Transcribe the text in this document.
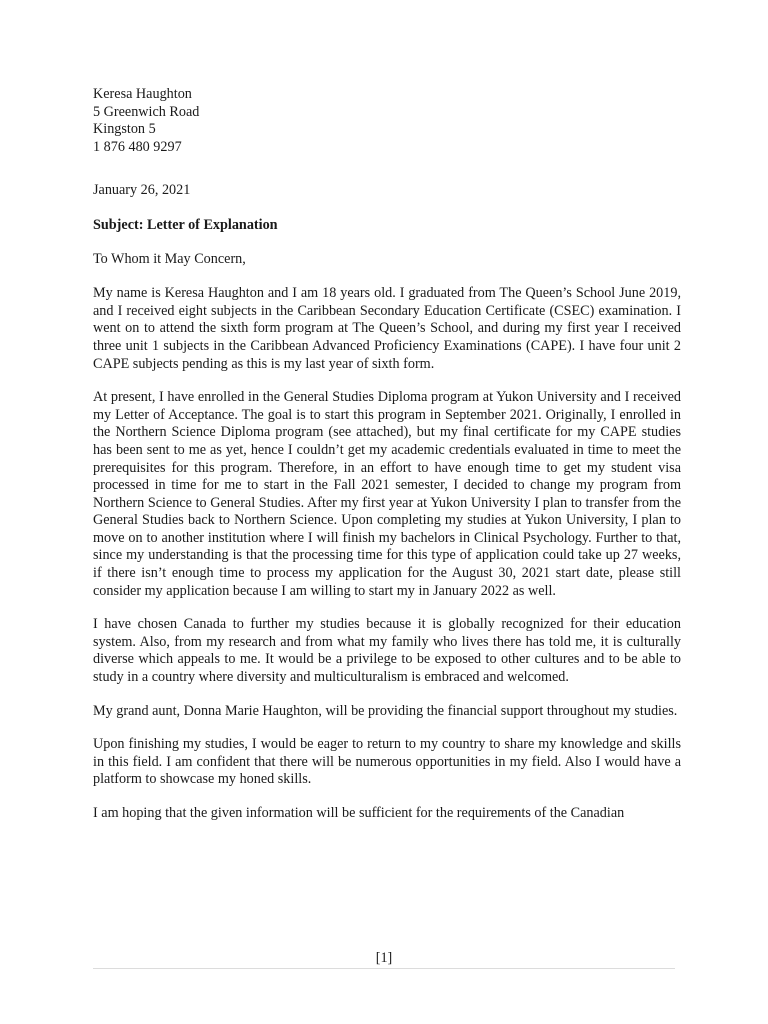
Keresa Haughton

5 Greenwich Road

Kingston 5

1 876 480 9297

January 26, 2021

Subject: Letter of Explanation

To Whom it May Concern,

My name is Keresa Haughton and I am 18 years old. I graduated from The Queen’s School June 2019, and I received eight subjects in the Caribbean Secondary Education Certificate (CSEC) examination. I went on to attend the sixth form program at The Queen’s School, and during my first year I received three unit 1 subjects in the Caribbean Advanced Proficiency Examinations (CAPE). I have four unit 2 CAPE subjects pending as this is my last year of sixth form.

At present, I have enrolled in the General Studies Diploma program at Yukon University and I received my Letter of Acceptance. The goal is to start this program in September 2021. Originally, I enrolled in the Northern Science Diploma program (see attached), but my final certificate for my CAPE studies has been sent to me as yet, hence I couldn’t get my academic credentials evaluated in time to meet the prerequisites for this program. Therefore, in an effort to have enough time to get my student visa processed in time for me to start in the Fall 2021 semester, I decided to change my program from Northern Science to General Studies. After my first year at Yukon University I plan to transfer from the General Studies back to Northern Science. Upon completing my studies at Yukon University, I plan to move on to another institution where I will finish my bachelors in Clinical Psychology. Further to that, since my understanding is that the processing time for this type of application could take up 27 weeks, if there isn’t enough time to process my application for the August 30, 2021 start date, please still consider my application because I am willing to start my in January 2022 as well.

I have chosen Canada to further my studies because it is globally recognized for their education system. Also, from my research and from what my family who lives there has told me, it is culturally diverse which appeals to me. It would be a privilege to be exposed to other cultures and to be able to study in a country where diversity and multiculturalism is embraced and welcomed.

My grand aunt, Donna Marie Haughton, will be providing the financial support throughout my studies.

Upon finishing my studies, I would be eager to return to my country to share my knowledge and skills in this field. I am confident that there will be numerous opportunities in my field. Also I would have a platform to showcase my honed skills.

I am hoping that the given information will be sufficient for the requirements of the Canadian

[1]
